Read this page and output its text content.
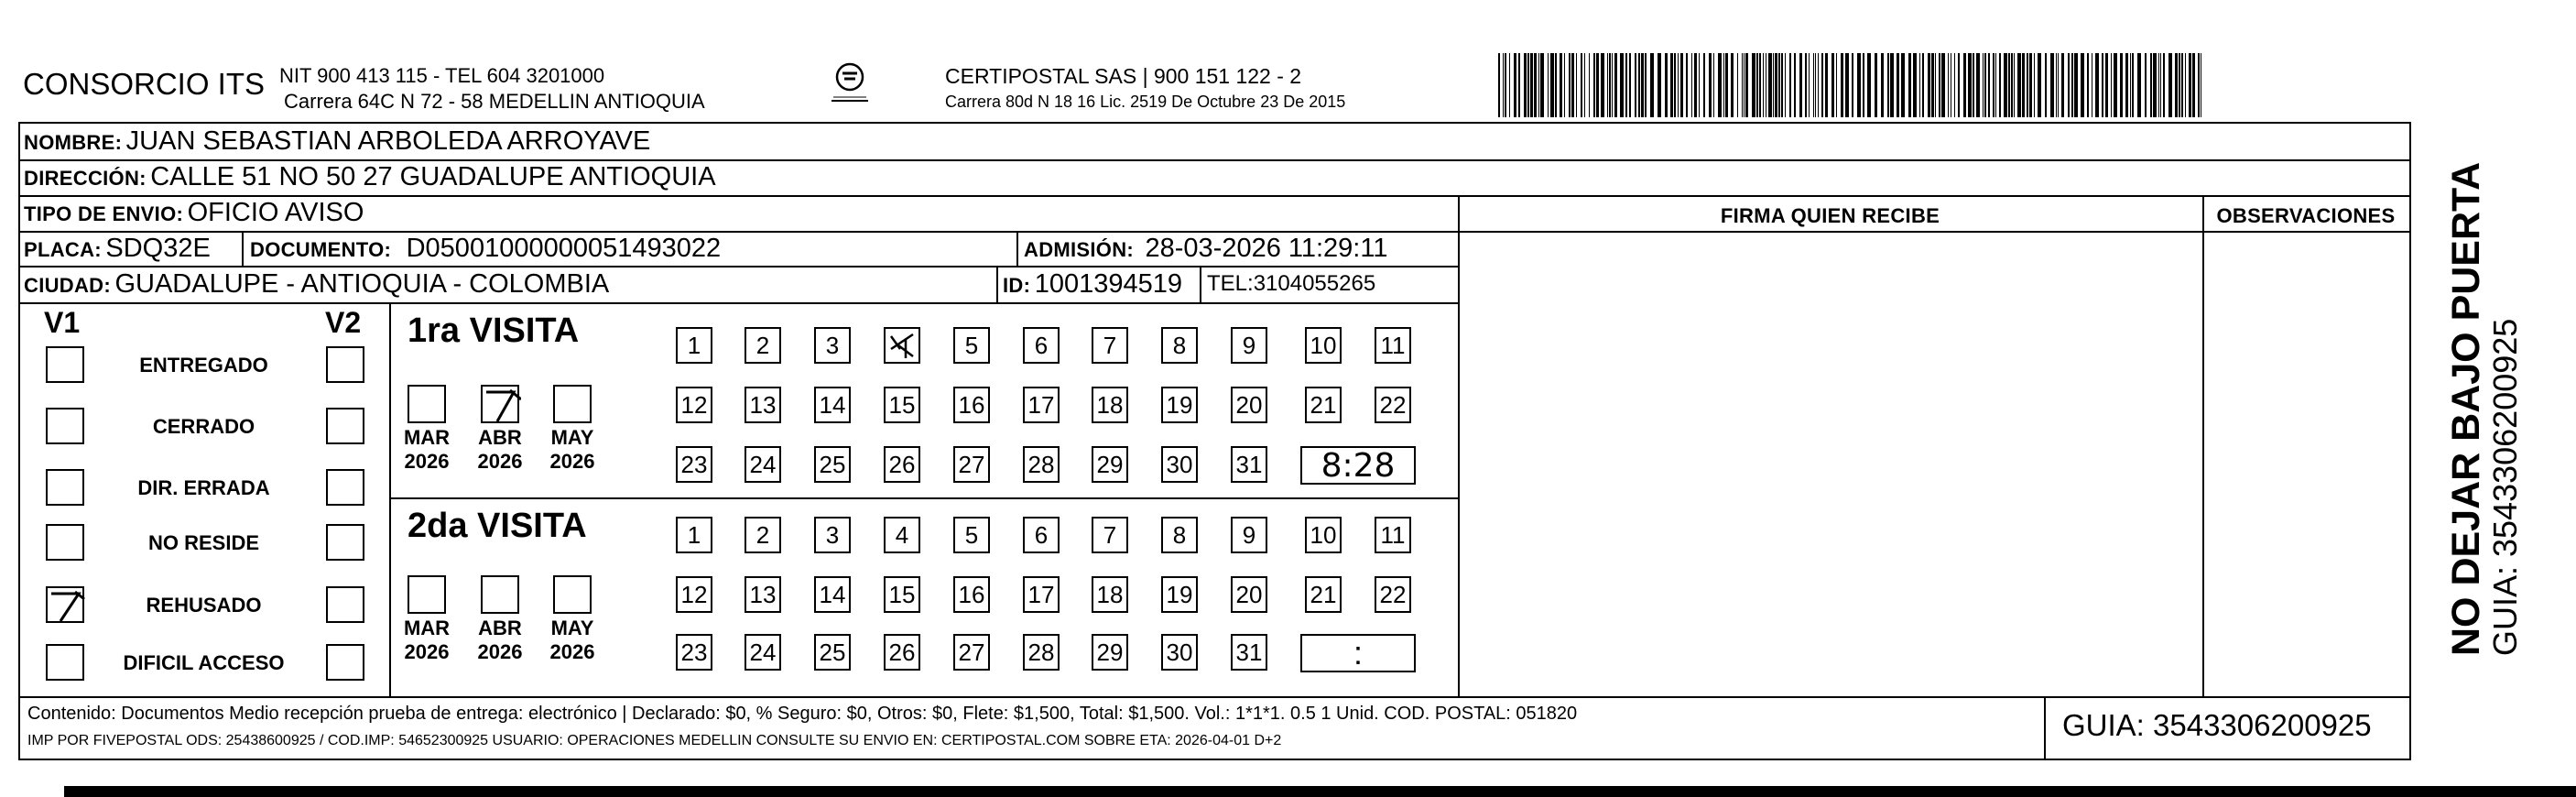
CONSORCIO ITS NIT 900 413 115 - TEL 604 3201000
Carrera 64C N 72 - 58 MEDELLIN ANTIOQUIA
CERTIPOSTAL SAS | 900 151 122 - 2
Carrera 80d N 18 16 Lic. 2519 De Octubre 23 De 2015
NOMBRE: JUAN SEBASTIAN ARBOLEDA ARROYAVE
DIRECCIÓN: CALLE 51 NO 50 27 GUADALUPE ANTIOQUIA
TIPO DE ENVIO: OFICIO AVISO	FIRMA QUIEN RECIBE	OBSERVACIONES
PLACA: SDQ32E DOCUMENTO: D05001000000051493022	ADMISIÓN: 28-03-2026 11:29:11
CIUDAD: GUADALUPE - ANTIOQUIA - COLOMBIA	ID: 1001394519 TEL:3104055265
V1	V2
ENTREGADO
CERRADO
DIR. ERRADA
NO RESIDE
REHUSADO
DIFICIL ACCESO
1ra VISITA
MAR
2026
ABR
2026
MAY
2026
1	2	3	5	6	7	8	9	10 11
12 13 14 15 16 17 18 19 20 21 22
23 24 25 26 27 28 29 30 31	8:28
2da VISITA
MAR
2026
ABR
2026
MAY
2026
1	2	3	4	5	6	7	8	9	10 11
12 13 14 15 16 17 18 19 20 21 22
23 24 25 26 27 28 29 30 31	:
Contenido: Documentos Medio recepción prueba de entrega: electrónico | Declarado: $0, % Seguro: $0, Otros: $0, Flete: $1,500, Total: $1,500. Vol.: 1*1*1. 0.5 1 Unid. COD. POSTAL: 051820
IMP POR FIVEPOSTAL ODS: 25438600925 / COD.IMP: 54652300925 USUARIO: OPERACIONES MEDELLIN CONSULTE SU ENVIO EN: CERTIPOSTAL.COM SOBRE ETA: 2026-04-01 D+2	GUIA: 3543306200925
NO DEJAR BAJO PUERTA
GUIA: 3543306200925
